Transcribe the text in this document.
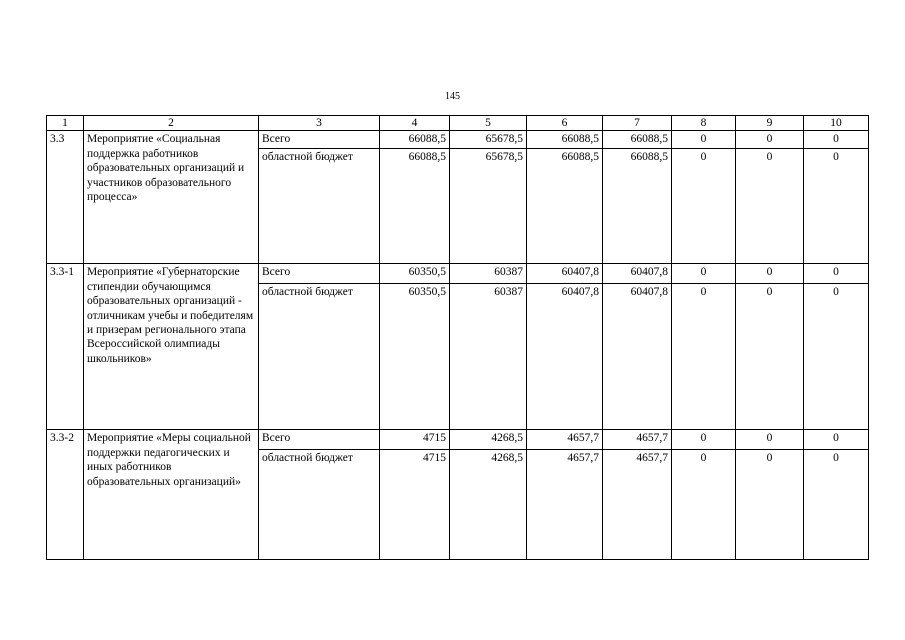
145
1	2	3	4	5	6	7	8	9	10
3.3	Мероприятие «Социальная поддержка работников образовательных организаций и участников образовательного процесса»	Всего	66088,5	65678,5	66088,5	66088,5	0	0	0
		областной бюджет	66088,5	65678,5	66088,5	66088,5	0	0	0
3.3-1	Мероприятие «Губернаторские стипендии обучающимся образовательных организаций - отличникам учебы и победителям и призерам регионального этапа Всероссийской олимпиады школьников»	Всего	60350,5	60387	60407,8	60407,8	0	0	0
		областной бюджет	60350,5	60387	60407,8	60407,8	0	0	0
3.3-2	Мероприятие «Меры социальной поддержки педагогических и иных работников образовательных организаций»	Всего	4715	4268,5	4657,7	4657,7	0	0	0
		областной бюджет	4715	4268,5	4657,7	4657,7	0	0	0
